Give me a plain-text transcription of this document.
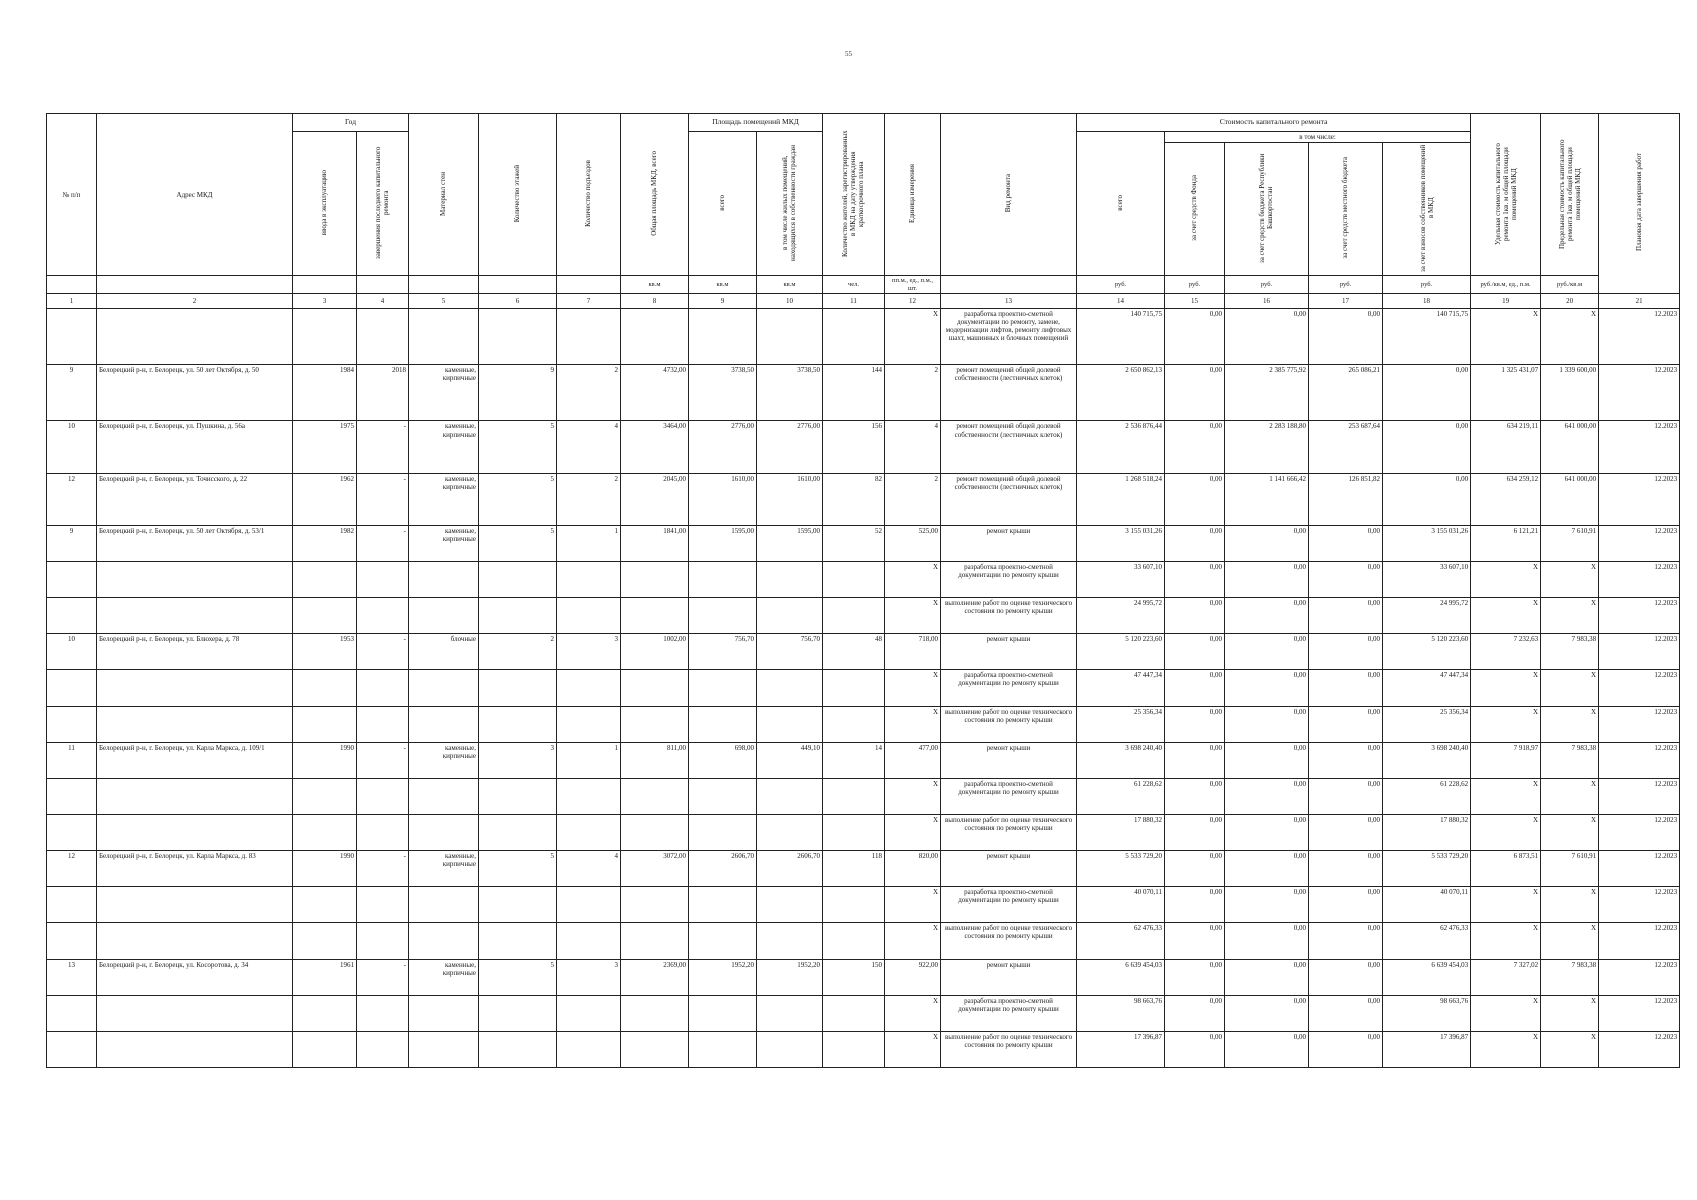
55
№ п/п	Адрес МКД	Год		Материал стен	Количество этажей	Количество подъездов	Общая площадь МКД, всего	Площадь помещений МКД		Количество жителей, зарегистрированных в МКД на дату утверждения краткосрочного плана	Единица измерения	Вид ремонта	Стоимость капитального ремонта					Удельная стоимость капитального ремонта 1кв. м общей площади помещений МКД	Предельная стоимость капитального ремонта 1кв. м общей площади помещений МКД	Плановая дата завершения работ
		ввода в эксплуатацию	завершения последнего капитального ремонта					всего	в том числе жилых помещений, находящихся в собственности граждан				всего	в том числе:						
														за счет средств Фонда	за счет средств бюджета Республики Башкортостан	за счет средств местного бюджета	за счет взносов собственников помещений в МКД			
							кв.м	кв.м	кв.м	чел.	пп.м., ед., п.м., шт.		руб.	руб.	руб.	руб.	руб.	руб./кв.м, ед., п.м.	руб./кв.м	
1	2	3	4	5	6	7	8	9	10	11	12	13	14	15	16	17	18	19	20	21
											X	разработка проектно-сметной документации по ремонту, замене, модернизации лифтов, ремонту лифтовых шахт, машинных и блочных помещений	140 715,75	0,00	0,00	0,00	140 715,75	X	X	12.2023
9	Белорецкий р-н, г. Белорецк, ул. 50 лет Октября, д. 50	1984	2018	каменные, кирпичные	9	2	4732,00	3738,50	3738,50	144	2	ремонт помещений общей долевой собственности (лестничных клеток)	2 650 862,13	0,00	2 385 775,92	265 086,21	0,00	1 325 431,07	1 339 600,00	12.2023
10	Белорецкий р-н, г. Белорецк, ул. Пушкина, д. 56а	1975	-	каменные, кирпичные	5	4	3464,00	2776,00	2776,00	156	4	ремонт помещений общей долевой собственности (лестничных клеток)	2 536 876,44	0,00	2 283 188,80	253 687,64	0,00	634 219,11	641 000,00	12.2023
12	Белорецкий р-н, г. Белорецк, ул. Точисского, д. 22	1962	-	каменные, кирпичные	5	2	2045,00	1610,00	1610,00	82	2	ремонт помещений общей долевой собственности (лестничных клеток)	1 268 518,24	0,00	1 141 666,42	126 851,82	0,00	634 259,12	641 000,00	12.2023
9	Белорецкий р-н, г. Белорецк, ул. 50 лет Октября, д. 53/1	1982	-	каменные, кирпичные	5	1	1841,00	1595,00	1595,00	52	525,00	ремонт крыши	3 155 031,26	0,00	0,00	0,00	3 155 031,26	6 121,21	7 610,91	12.2023
											X	разработка проектно-сметной документации по ремонту крыши	33 607,10	0,00	0,00	0,00	33 607,10	X	X	12.2023
											X	выполнение работ по оценке технического состояния по ремонту крыши	24 995,72	0,00	0,00	0,00	24 995,72	X	X	12.2023
10	Белорецкий р-н, г. Белорецк, ул. Блюхера, д. 78	1953	-	блочные	2	3	1002,00	756,70	756,70	48	718,00	ремонт крыши	5 120 223,60	0,00	0,00	0,00	5 120 223,60	7 232,63	7 983,38	12.2023
											X	разработка проектно-сметной документации по ремонту крыши	47 447,34	0,00	0,00	0,00	47 447,34	X	X	12.2023
											X	выполнение работ по оценке технического состояния по ремонту крыши	25 356,34	0,00	0,00	0,00	25 356,34	X	X	12.2023
11	Белорецкий р-н, г. Белорецк, ул. Карла Маркса, д. 109/1	1990	-	каменные, кирпичные	3	1	811,00	698,00	449,10	14	477,00	ремонт крыши	3 698 240,40	0,00	0,00	0,00	3 698 240,40	7 918,97	7 983,38	12.2023
											X	разработка проектно-сметной документации по ремонту крыши	61 228,62	0,00	0,00	0,00	61 228,62	X	X	12.2023
											X	выполнение работ по оценке технического состояния по ремонту крыши	17 880,32	0,00	0,00	0,00	17 880,32	X	X	12.2023
12	Белорецкий р-н, г. Белорецк, ул. Карла Маркса, д. 83	1990	-	каменные, кирпичные	5	4	3072,00	2606,70	2606,70	118	820,00	ремонт крыши	5 533 729,20	0,00	0,00	0,00	5 533 729,20	6 873,51	7 610,91	12.2023
											X	разработка проектно-сметной документации по ремонту крыши	40 070,11	0,00	0,00	0,00	40 070,11	X	X	12.2023
											X	выполнение работ по оценке технического состояния по ремонту крыши	62 476,33	0,00	0,00	0,00	62 476,33	X	X	12.2023
13	Белорецкий р-н, г. Белорецк, ул. Косоротова, д. 34	1961	-	каменные, кирпичные	5	3	2369,00	1952,20	1952,20	150	922,00	ремонт крыши	6 639 454,03	0,00	0,00	0,00	6 639 454,03	7 327,02	7 983,38	12.2023
											X	разработка проектно-сметной документации по ремонту крыши	98 663,76	0,00	0,00	0,00	98 663,76	X	X	12.2023
											X	выполнение работ по оценке технического состояния по ремонту крыши	17 396,87	0,00	0,00	0,00	17 396,87	X	X	12.2023
